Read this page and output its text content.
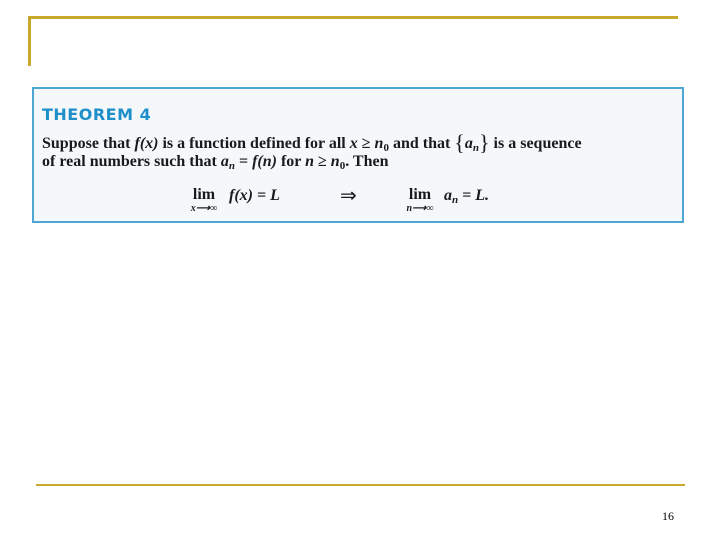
THEOREM 4
Suppose that f(x) is a function defined for all $x \ge n_0$ and that $\{a_n\}$ is a sequence
of real numbers such that $a_n = f(n)$ for $n \ge n_0$. Then
lim
x⟶∞
f(x) = L	⇒	lim
n⟶∞
$a_n = L$.
16
